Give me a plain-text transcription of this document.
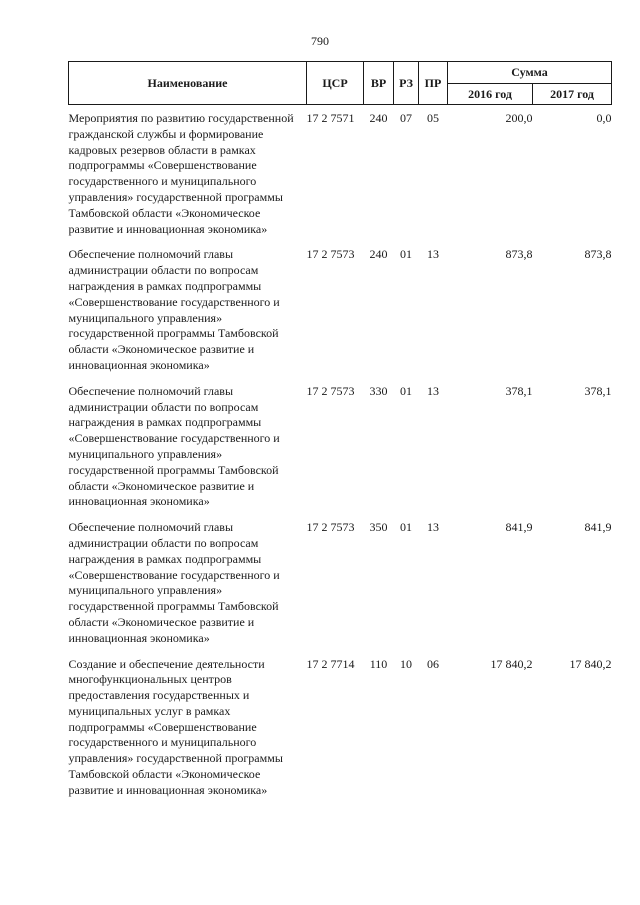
790
Наименование	ЦСР	ВР	РЗ	ПР	Сумма	
					2016 год	2017 год
Мероприятия по развитию государственной гражданской службы и формирование кадровых резервов области в рамках подпрограммы «Совершенствование государственного и муниципального управления» государственной программы Тамбовской области «Экономическое развитие и инновационная экономика»	17 2 7571	240	07	05	200,0	0,0
Обеспечение полномочий главы администрации области по вопросам награждения в рамках подпрограммы «Совершенствование государственного и муниципального управления» государственной программы Тамбовской области «Экономическое развитие и инновационная экономика»	17 2 7573	240	01	13	873,8	873,8
Обеспечение полномочий главы администрации области по вопросам награждения в рамках подпрограммы «Совершенствование государственного и муниципального управления» государственной программы Тамбовской области «Экономическое развитие и инновационная экономика»	17 2 7573	330	01	13	378,1	378,1
Обеспечение полномочий главы администрации области по вопросам награждения в рамках подпрограммы «Совершенствование государственного и муниципального управления» государственной программы Тамбовской области «Экономическое развитие и инновационная экономика»	17 2 7573	350	01	13	841,9	841,9
Создание и обеспечение деятельности многофункциональных центров предоставления государственных и муниципальных услуг в рамках подпрограммы «Совершенствование государственного и муниципального управления» государственной программы Тамбовской области «Экономическое развитие и инновационная экономика»	17 2 7714	110	10	06	17 840,2	17 840,2
